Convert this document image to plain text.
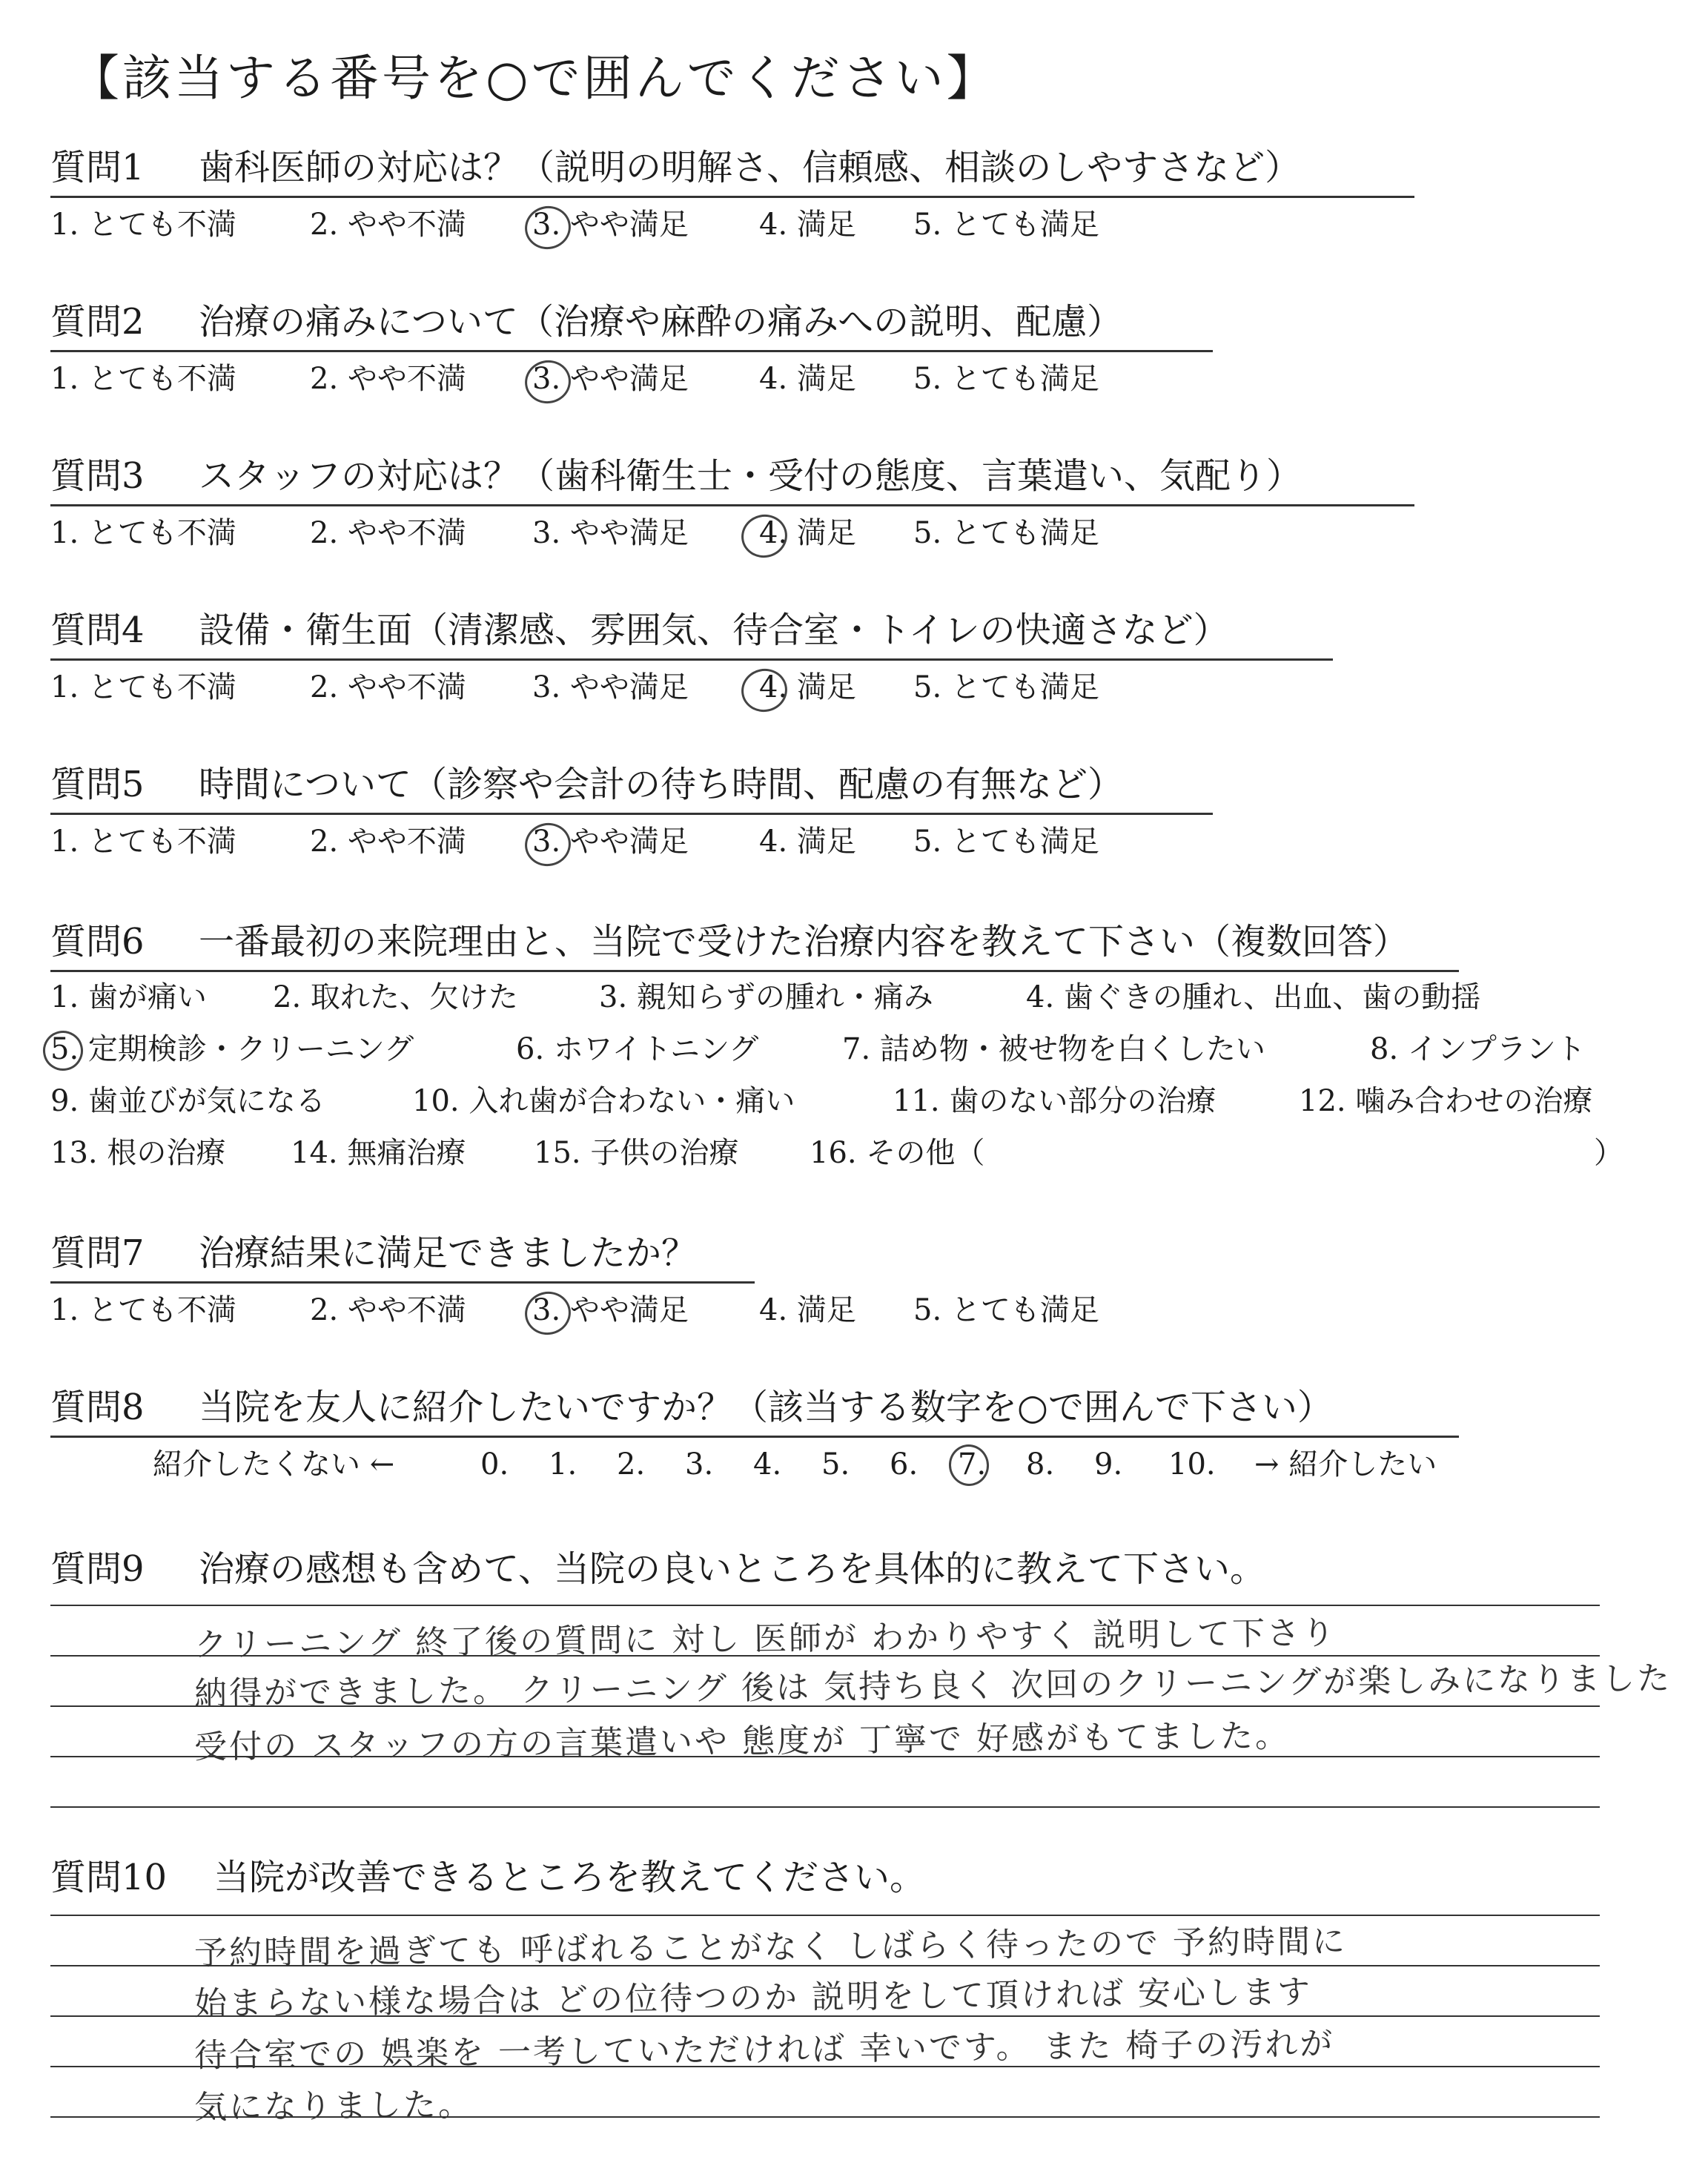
【該当する番号を○で囲んでください】
質問1 歯科医師の対応は？（説明の明解さ、信頼感、相談のしやすさなど）
1. とても不満 2. やや不満 3. やや満足 4. 満足 5. とても満足
質問2 治療の痛みについて（治療や麻酔の痛みへの説明、配慮）
1. とても不満 2. やや不満 3. やや満足 4. 満足 5. とても満足
質問3 スタッフの対応は？（歯科衛生士・受付の態度、言葉遣い、気配り）
1. とても不満 2. やや不満 3. やや満足 4. 満足 5. とても満足
質問4 設備・衛生面（清潔感、雰囲気、待合室・トイレの快適さなど）
1. とても不満 2. やや不満 3. やや満足 4. 満足 5. とても満足
質問5 時間について（診察や会計の待ち時間、配慮の有無など）
1. とても不満 2. やや不満 3. やや満足 4. 満足 5. とても満足
質問6 一番最初の来院理由と、当院で受けた治療内容を教えて下さい（複数回答）
1. 歯が痛い 2. 取れた、欠けた	3. 親知らずの腫れ・痛み	4. 歯ぐきの腫れ、出血、歯の動揺
5. 定期検診・クリーニング	6. ホワイトニング	7. 詰め物・被せ物を白くしたい	8. インプラント
9. 歯並びが気になる	10. 入れ歯が合わない・痛い	11. 歯のない部分の治療	12. 噛み合わせの治療
13. 根の治療 14. 無痛治療 15. 子供の治療 16. その他（	）
質問7 治療結果に満足できましたか？
1. とても不満 2. やや不満 3. やや満足 4. 満足 5. とても満足
質問8 当院を友人に紹介したいですか？（該当する数字を○で囲んで下さい）
紹介したくない ←	0. 1. 2. 3. 4. 5. 6. 7. 8. 9. 10. → 紹介したい
質問9 治療の感想も含めて、当院の良いところを具体的に教えて下さい。
クリーニング 終了後の質問に 対し 医師が わかりやすく 説明して下さり
納得ができました。 クリーニング 後は 気持ち良く 次回のクリーニングが楽しみになりました
受付の スタッフの方の言葉遣いや 態度が 丁寧で 好感がもてました。
質問10 当院が改善できるところを教えてください。
予約時間を過ぎても 呼ばれることがなく しばらく待ったので 予約時間に
始まらない様な場合は どの位待つのか 説明をして頂ければ 安心します
待合室での 娯楽を 一考していただければ 幸いです。 また 椅子の汚れが
気になりました。
